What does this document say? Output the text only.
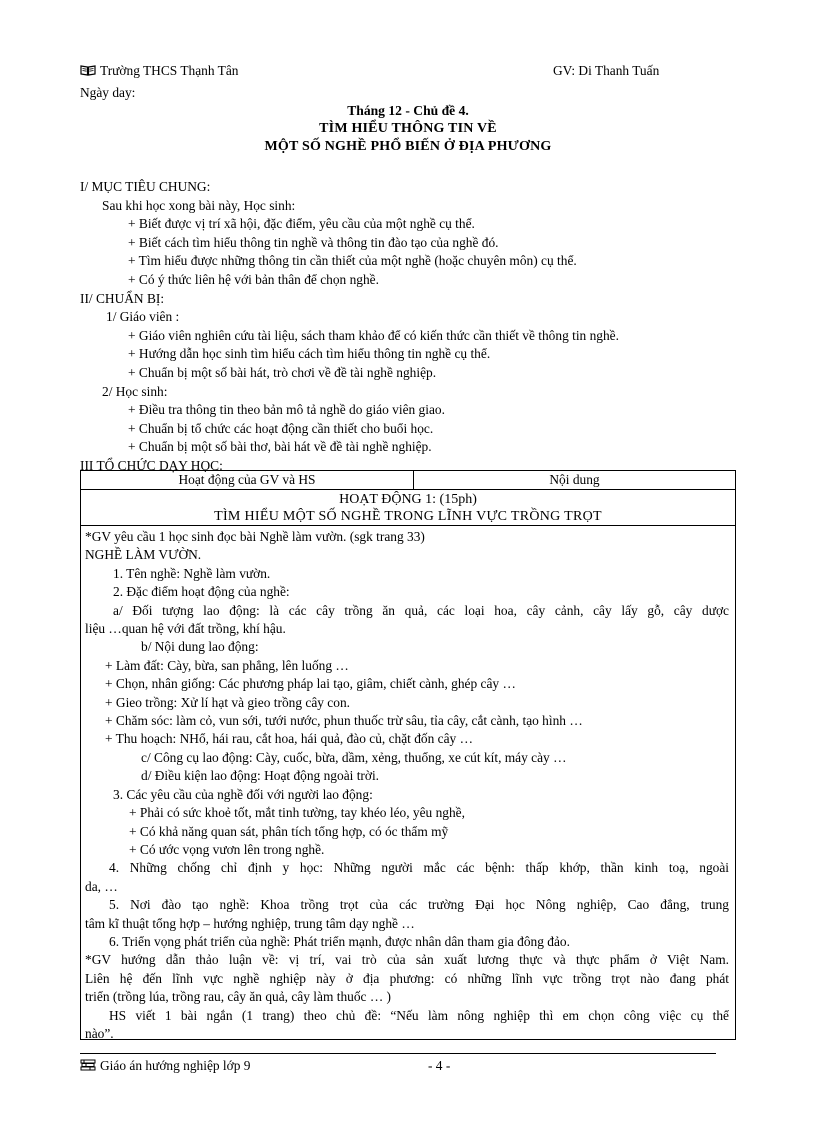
Trường THCS Thạnh Tân	GV: Di Thanh Tuấn
Ngày day:
Tháng 12 - Chủ đề 4.
TÌM HIỂU THÔNG TIN VỀ
MỘT SỐ NGHỀ PHỔ BIẾN Ở ĐỊA PHƯƠNG
I/ MỤC TIÊU CHUNG:
Sau khi học xong bài này, Học sinh:
+ Biết được vị trí xã hội, đặc điểm, yêu cầu của một nghề cụ thể.
+ Biết cách tìm hiểu thông tin nghề và thông tin đào tạo của nghề đó.
+ Tìm hiểu được những thông tin cần thiết của một nghề (hoặc chuyên môn) cụ thể.
+ Có ý thức liên hệ với bản thân để chọn nghề.
II/ CHUẨN BỊ:
1/ Giáo viên :
+ Giáo viên nghiên cứu tài liệu, sách tham khảo để có kiến thức cần thiết về thông tin nghề.
+ Hướng dẫn học sinh tìm hiểu cách tìm hiểu thông tin nghề cụ thể.
+ Chuẩn bị một số bài hát, trò chơi về đề tài nghề nghiệp.
2/ Học sinh:
+ Điều tra thông tin theo bản mô tả nghề do giáo viên giao.
+ Chuẩn bị tổ chức các hoạt động cần thiết cho buổi học.
+ Chuẩn bị một số bài thơ, bài hát về đề tài nghề nghiệp.
III TỔ CHỨC DẠY HỌC:
Hoạt động của GV và HS	Nội dung
HOẠT ĐỘNG 1: (15ph)
TÌM HIỂU MỘT SỐ NGHỀ TRONG LĨNH VỰC TRỒNG TRỌT
*GV yêu cầu 1 học sinh đọc bài Nghề làm vườn. (sgk trang 33)
NGHỀ LÀM VƯỜN.
1. Tên nghề: Nghề làm vườn.
2. Đặc điểm hoạt động của nghề:
a/ Đối tượng lao động: là các cây trồng ăn quả, các loại hoa, cây cảnh, cây lấy gỗ, cây dược
liệu …quan hệ với đất trồng, khí hậu.
b/ Nội dung lao động:
+ Làm đất: Cày, bừa, san phẳng, lên luống …
+ Chọn, nhân giống: Các phương pháp lai tạo, giâm, chiết cành, ghép cây …
+ Gieo trồng: Xử lí hạt và gieo trồng cây con.
+ Chăm sóc: làm cỏ, vun sới, tưới nước, phun thuốc trừ sâu, tỉa cây, cắt cành, tạo hình …
+ Thu hoạch: NHổ, hái rau, cắt hoa, hái quả, đào củ, chặt đốn cây …
c/ Công cụ lao động: Cày, cuốc, bừa, dầm, xẻng, thuổng, xe cút kít, máy cày …
d/ Điều kiện lao động: Hoạt động ngoài trời.
3. Các yêu cầu của nghề đối với người lao động:
+ Phải có sức khoẻ tốt, mắt tinh tường, tay khéo léo, yêu nghề,
+ Có khả năng quan sát, phân tích tổng hợp, có óc thẩm mỹ
+ Có ước vọng vươn lên trong nghề.
4. Những chống chỉ định y học: Những người mắc các bệnh: thấp khớp, thần kinh toạ, ngoài
da, …
5. Nơi đào tạo nghề: Khoa trồng trọt của các trường Đại học Nông nghiệp, Cao đẳng, trung
tâm kĩ thuật tổng hợp – hướng nghiệp, trung tâm dạy nghề …
6. Triển vọng phát triển của nghề: Phát triển mạnh, được nhân dân tham gia đông đảo.
*GV hướng dẫn thảo luận về: vị trí, vai trò của sản xuất lương thực và thực phẩm ở Việt Nam.
Liên hệ đến lĩnh vực nghề nghiệp này ở địa phương: có những lĩnh vực trồng trọt nào đang phát
triển (trồng lúa, trồng rau, cây ăn quả, cây làm thuốc … )
HS viết 1 bài ngắn (1 trang) theo chủ đề: “Nếu làm nông nghiệp thì em chọn công việc cụ thể
nào”.
Giáo án hướng nghiệp lớp 9	- 4 -
